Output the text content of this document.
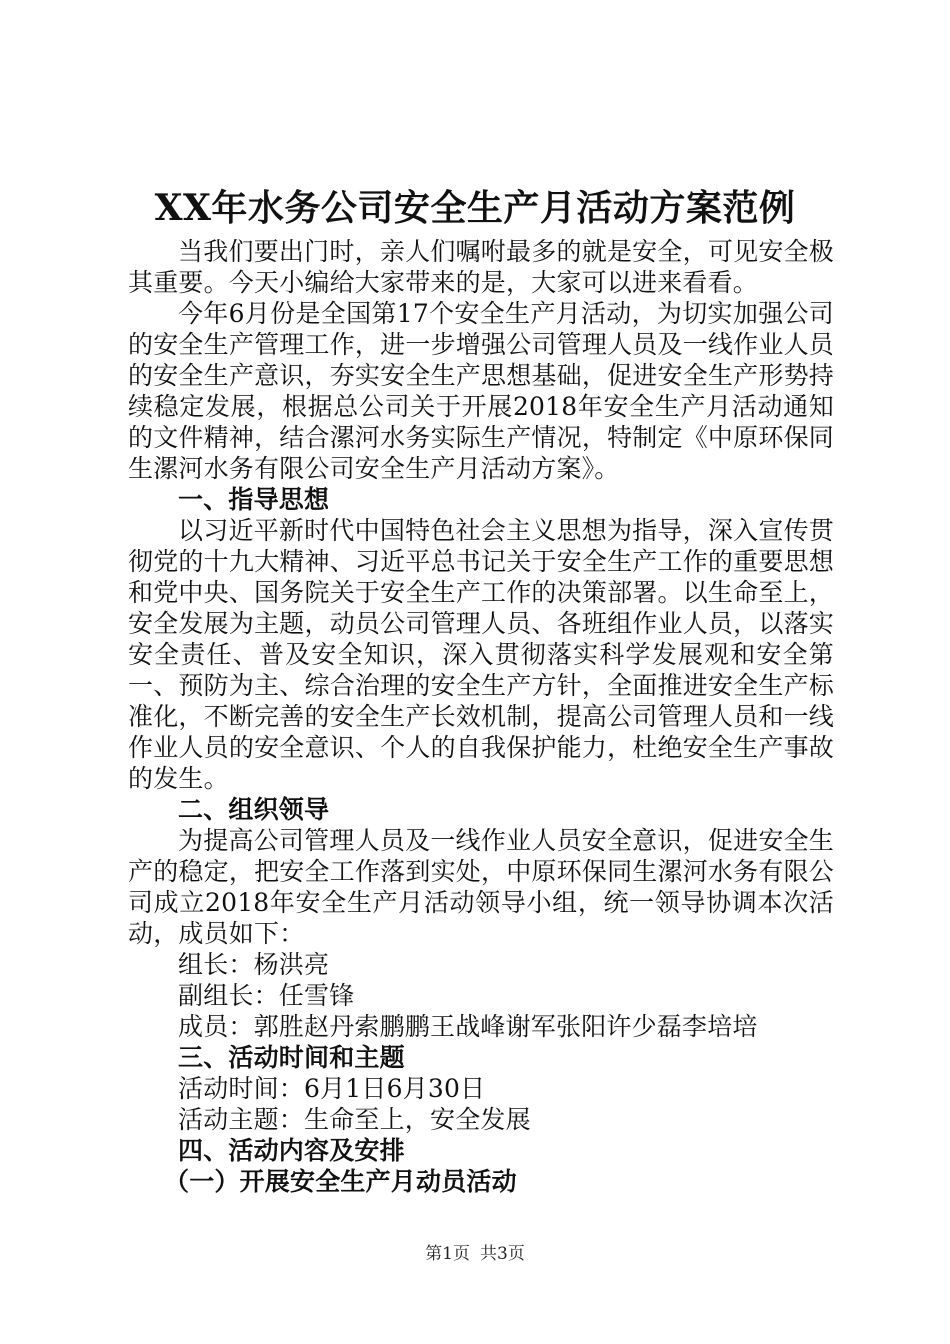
XX年水务公司安全生产月活动方案范例

当我们要出门时，亲人们嘱咐最多的就是安全，可见安全极其重要。今天小编给大家带来的是，大家可以进来看看。

今年6月份是全国第17个安全生产月活动，为切实加强公司的安全生产管理工作，进一步增强公司管理人员及一线作业人员的安全生产意识，夯实安全生产思想基础，促进安全生产形势持续稳定发展，根据总公司关于开展2018年安全生产月活动通知的文件精神，结合漯河水务实际生产情况，特制定《中原环保同生漯河水务有限公司安全生产月活动方案》。

一、指导思想

以习近平新时代中国特色社会主义思想为指导，深入宣传贯彻党的十九大精神、习近平总书记关于安全生产工作的重要思想和党中央、国务院关于安全生产工作的决策部署。以生命至上，安全发展为主题，动员公司管理人员、各班组作业人员，以落实安全责任、普及安全知识，深入贯彻落实科学发展观和安全第一、预防为主、综合治理的安全生产方针，全面推进安全生产标准化，不断完善的安全生产长效机制，提高公司管理人员和一线作业人员的安全意识、个人的自我保护能力，杜绝安全生产事故的发生。

二、组织领导

为提高公司管理人员及一线作业人员安全意识，促进安全生产的稳定，把安全工作落到实处，中原环保同生漯河水务有限公司成立2018年安全生产月活动领导小组，统一领导协调本次活动，成员如下：

组长：杨洪亮
副组长：任雪锋
成员：郭胜赵丹索鹏鹏王战峰谢军张阳许少磊李培培
三、活动时间和主题
活动时间：6月1日6月30日
活动主题：生命至上，安全发展
四、活动内容及安排
（一）开展安全生产月动员活动
第1页 共3页
